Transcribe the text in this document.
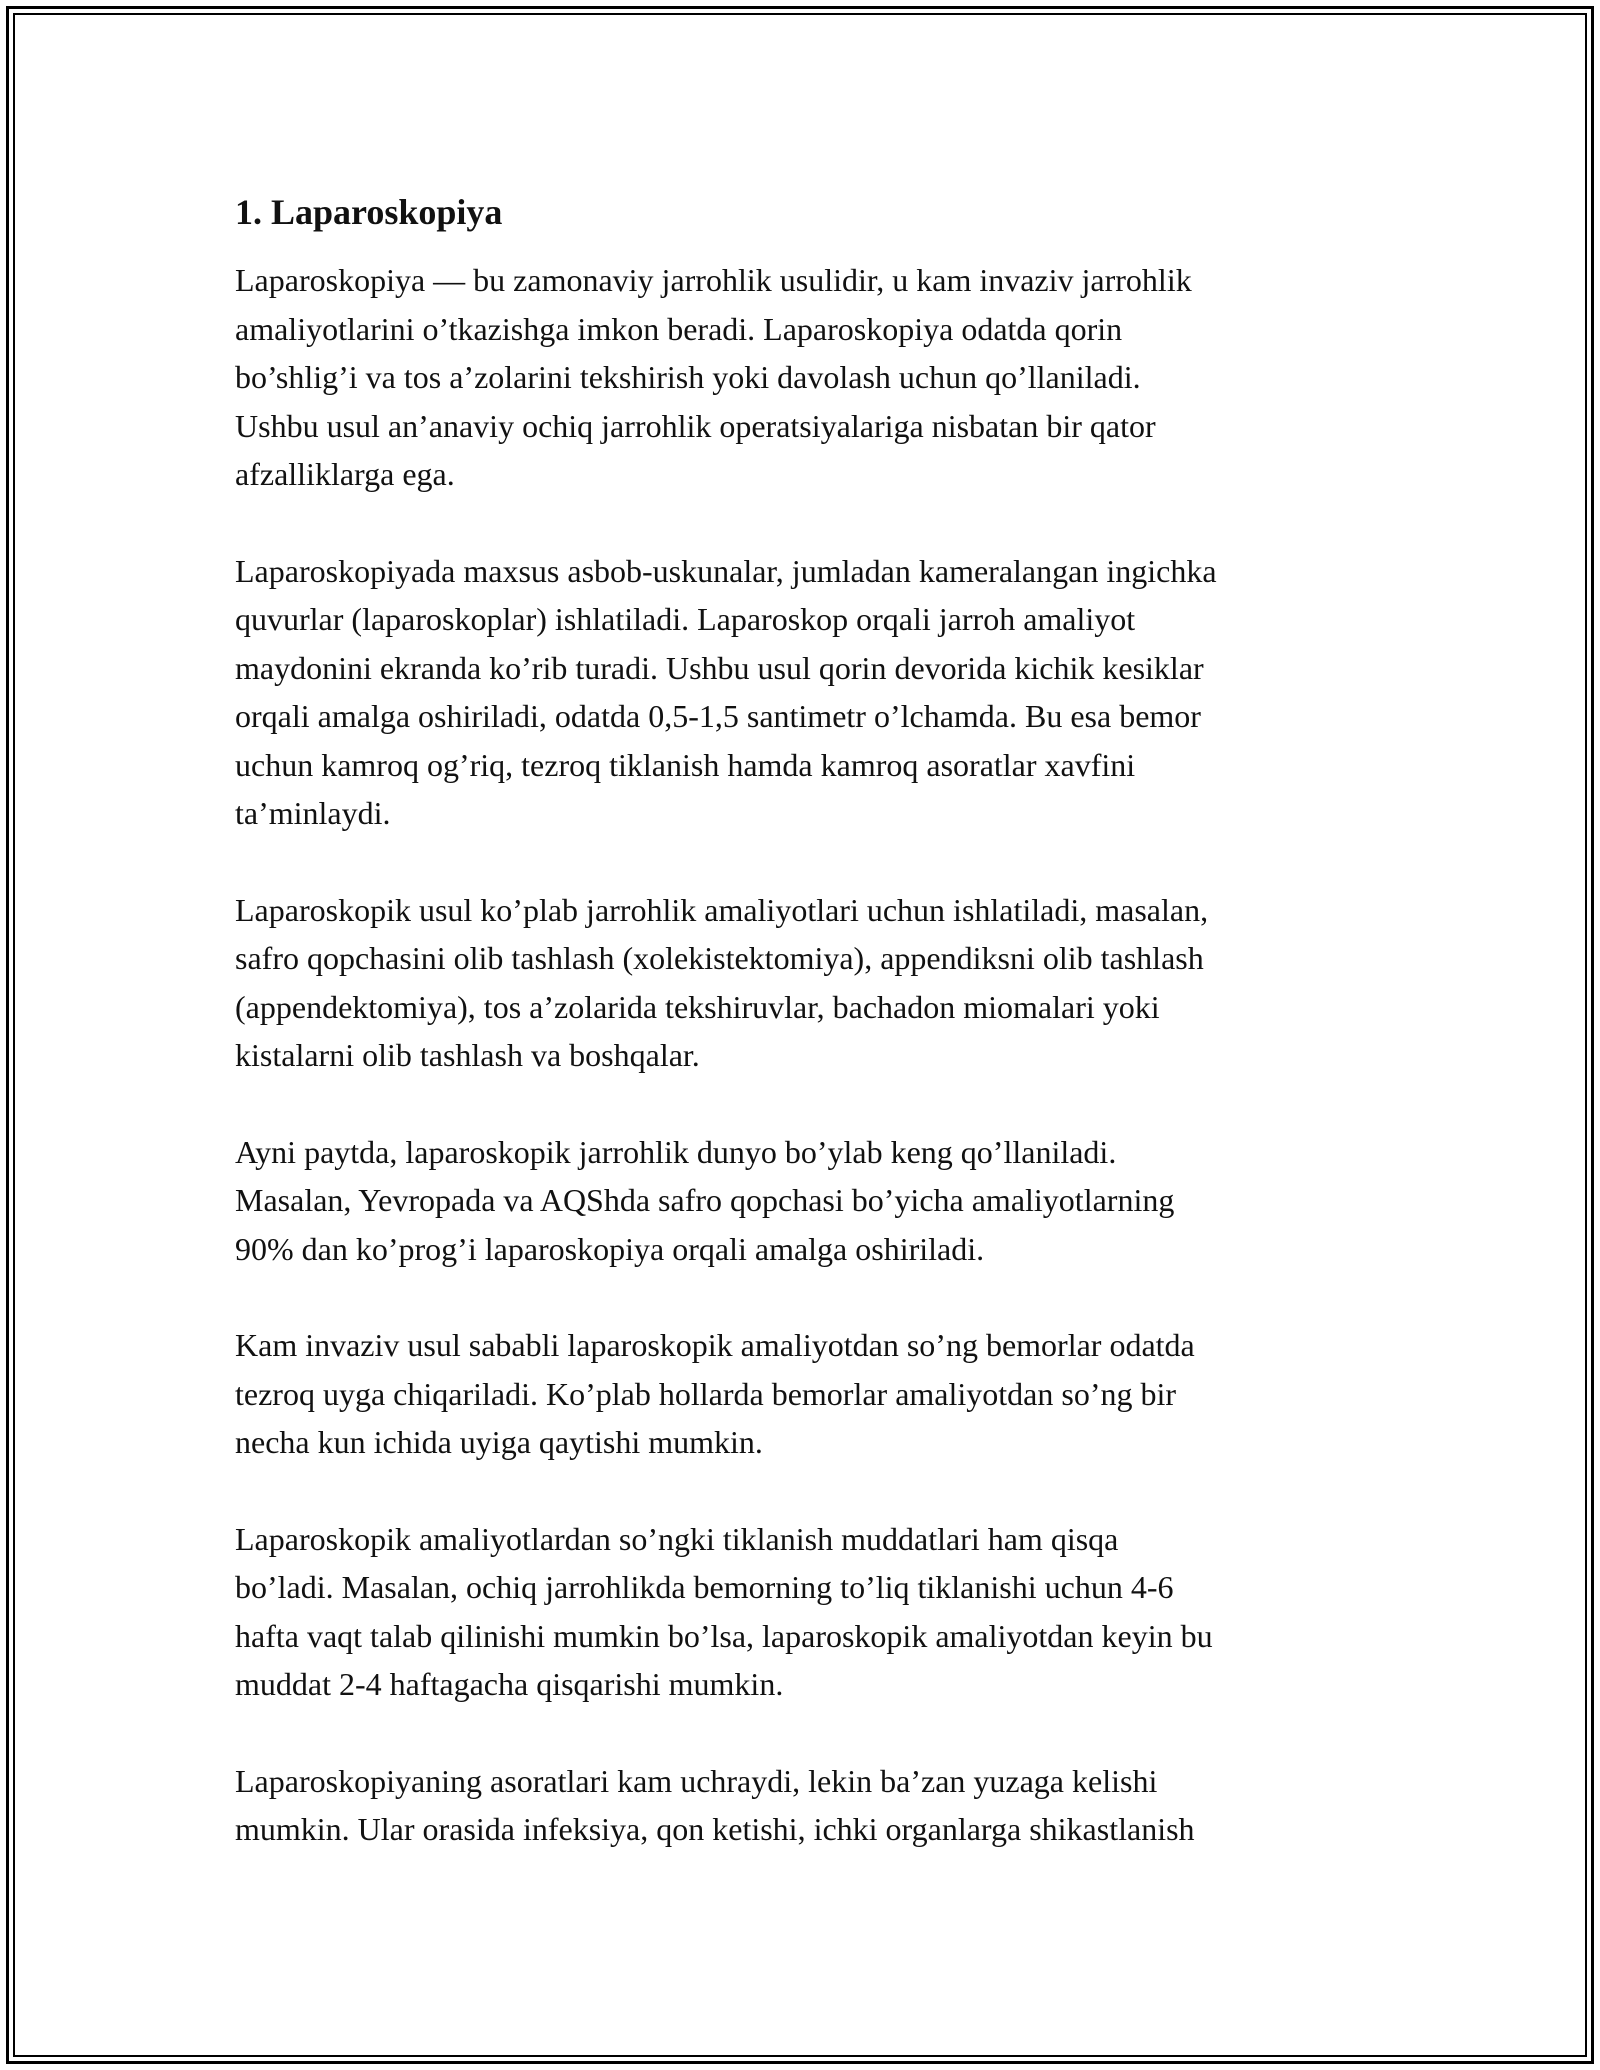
1. Laparoskopiya

Laparoskopiya — bu zamonaviy jarrohlik usulidir, u kam invaziv jarrohlik
amaliyotlarini o’tkazishga imkon beradi. Laparoskopiya odatda qorin
bo’shlig’i va tos a’zolarini tekshirish yoki davolash uchun qo’llaniladi.
Ushbu usul an’anaviy ochiq jarrohlik operatsiyalariga nisbatan bir qator
afzalliklarga ega.

Laparoskopiyada maxsus asbob-uskunalar, jumladan kameralangan ingichka
quvurlar (laparoskoplar) ishlatiladi. Laparoskop orqali jarroh amaliyot
maydonini ekranda ko’rib turadi. Ushbu usul qorin devorida kichik kesiklar
orqali amalga oshiriladi, odatda 0,5-1,5 santimetr o’lchamda. Bu esa bemor
uchun kamroq og’riq, tezroq tiklanish hamda kamroq asoratlar xavfini
ta’minlaydi.

Laparoskopik usul ko’plab jarrohlik amaliyotlari uchun ishlatiladi, masalan,
safro qopchasini olib tashlash (xolekistektomiya), appendiksni olib tashlash
(appendektomiya), tos a’zolarida tekshiruvlar, bachadon miomalari yoki
kistalarni olib tashlash va boshqalar.

Ayni paytda, laparoskopik jarrohlik dunyo bo’ylab keng qo’llaniladi.
Masalan, Yevropada va AQShda safro qopchasi bo’yicha amaliyotlarning
90% dan ko’prog’i laparoskopiya orqali amalga oshiriladi.

Kam invaziv usul sababli laparoskopik amaliyotdan so’ng bemorlar odatda
tezroq uyga chiqariladi. Ko’plab hollarda bemorlar amaliyotdan so’ng bir
necha kun ichida uyiga qaytishi mumkin.

Laparoskopik amaliyotlardan so’ngki tiklanish muddatlari ham qisqa
bo’ladi. Masalan, ochiq jarrohlikda bemorning to’liq tiklanishi uchun 4-6
hafta vaqt talab qilinishi mumkin bo’lsa, laparoskopik amaliyotdan keyin bu
muddat 2-4 haftagacha qisqarishi mumkin.

Laparoskopiyaning asoratlari kam uchraydi, lekin ba’zan yuzaga kelishi
mumkin. Ular orasida infeksiya, qon ketishi, ichki organlarga shikastlanish
